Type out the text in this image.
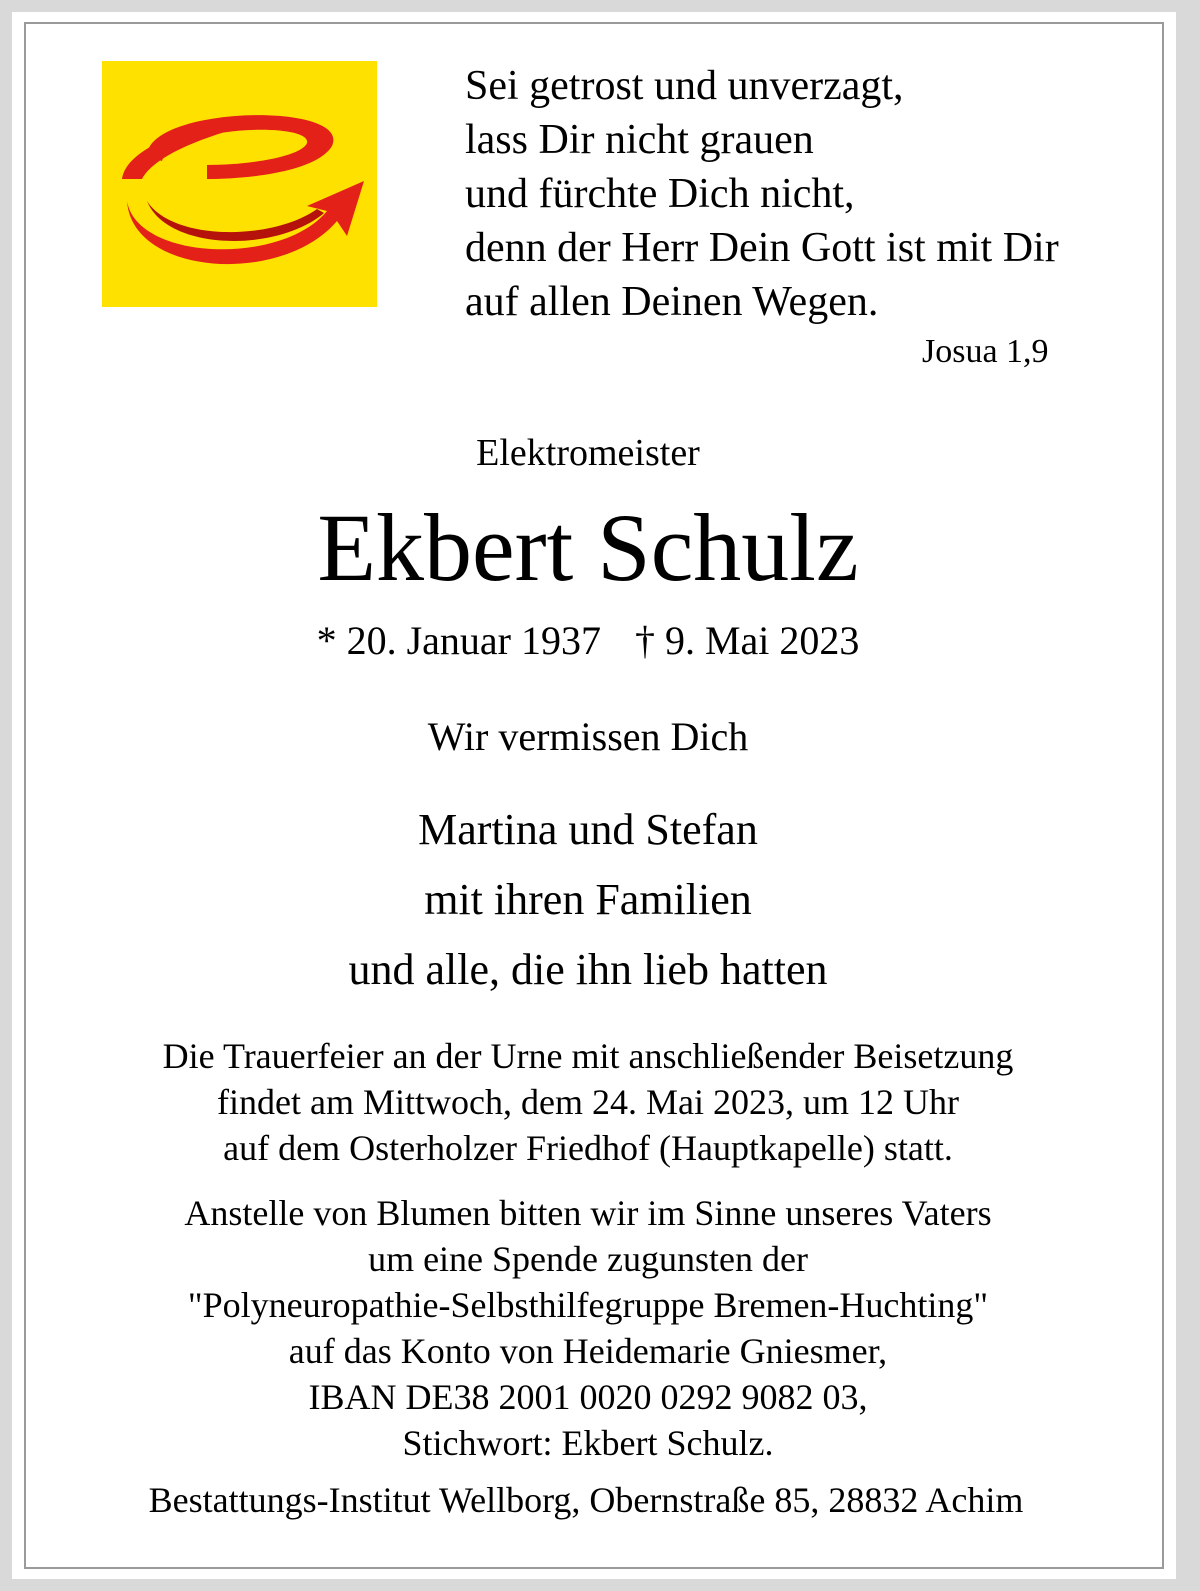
Sei getrost und unverzagt,
lass Dir nicht grauen
und fürchte Dich nicht,
denn der Herr Dein Gott ist mit Dir
auf allen Deinen Wegen.
Josua 1,9
Elektromeister
Ekbert Schulz
* 20. Januar 1937 † 9. Mai 2023
Wir vermissen Dich
Martina und Stefan
mit ihren Familien
und alle, die ihn lieb hatten
Die Trauerfeier an der Urne mit anschließender Beisetzung
findet am Mittwoch, dem 24. Mai 2023, um 12 Uhr
auf dem Osterholzer Friedhof (Hauptkapelle) statt.
Anstelle von Blumen bitten wir im Sinne unseres Vaters
um eine Spende zugunsten der
"Polyneuropathie-Selbsthilfegruppe Bremen-Huchting"
auf das Konto von Heidemarie Gniesmer,
IBAN DE38 2001 0020 0292 9082 03,
Stichwort: Ekbert Schulz.
Bestattungs-Institut Wellborg, Obernstraße 85, 28832 Achim
